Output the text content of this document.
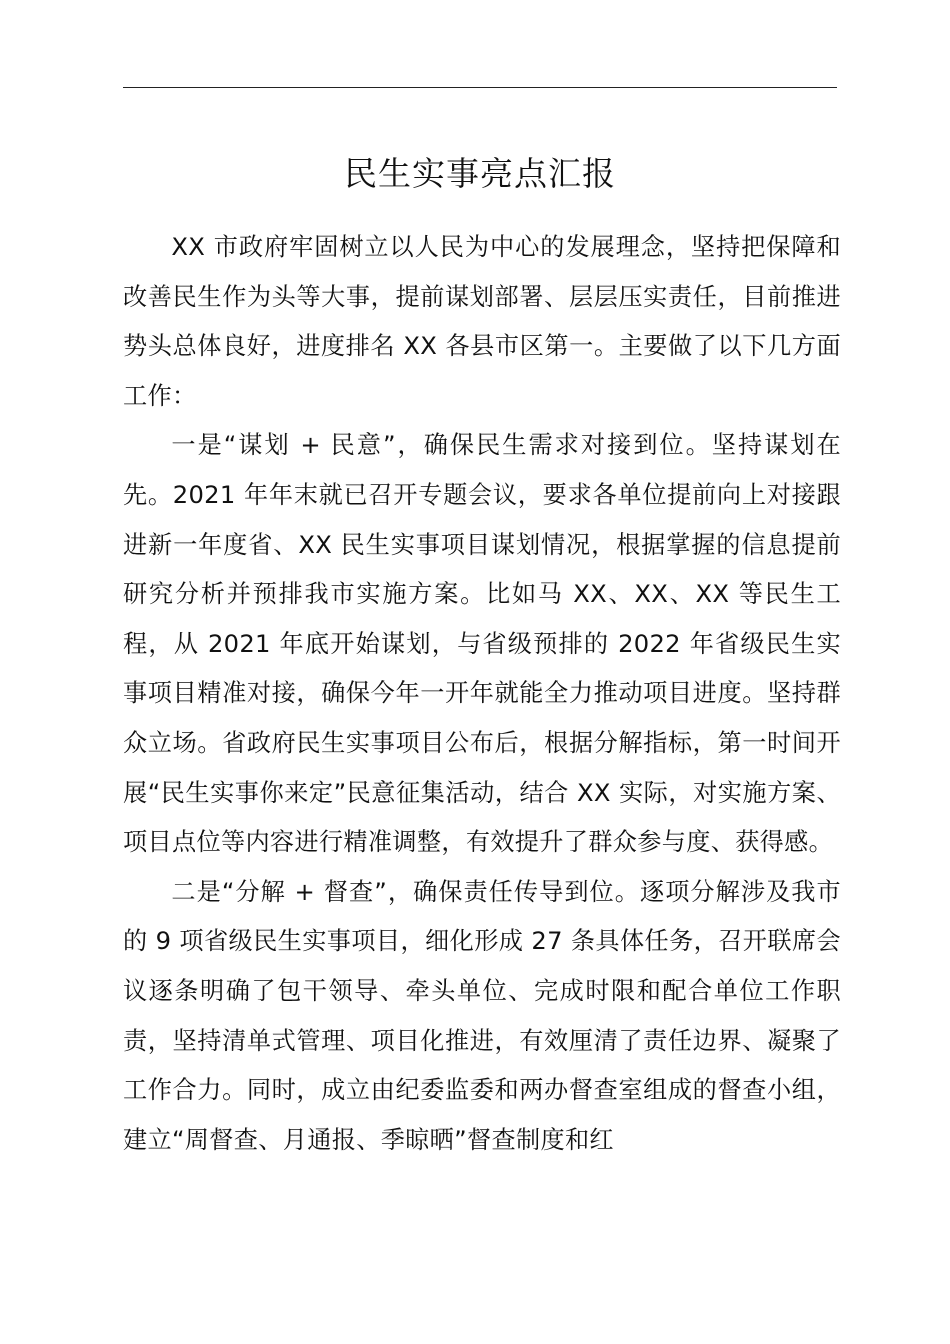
民生实事亮点汇报

XX 市政府牢固树立以人民为中心的发展理念，坚持把保障和改善民生作为头等大事，提前谋划部署、层层压实责任，目前推进势头总体良好，进度排名 XX 各县市区第一。主要做了以下几方面工作：

一是“谋划 + 民意”，确保民生需求对接到位。坚持谋划在先。2021 年年末就已召开专题会议，要求各单位提前向上对接跟进新一年度省、XX 民生实事项目谋划情况，根据掌握的信息提前研究分析并预排我市实施方案。比如马 XX、XX、XX 等民生工程，从 2021 年底开始谋划，与省级预排的 2022 年省级民生实事项目精准对接，确保今年一开年就能全力推动项目进度。坚持群众立场。省政府民生实事项目公布后，根据分解指标，第一时间开展“民生实事你来定”民意征集活动，结合 XX 实际，对实施方案、项目点位等内容进行精准调整，有效提升了群众参与度、获得感。

二是“分解 + 督查”，确保责任传导到位。逐项分解涉及我市的 9 项省级民生实事项目，细化形成 27 条具体任务，召开联席会议逐条明确了包干领导、牵头单位、完成时限和配合单位工作职责，坚持清单式管理、项目化推进，有效厘清了责任边界、凝聚了工作合力。同时，成立由纪委监委和两办督查室组成的督查小组，建立“周督查、月通报、季晾晒”督查制度和红
